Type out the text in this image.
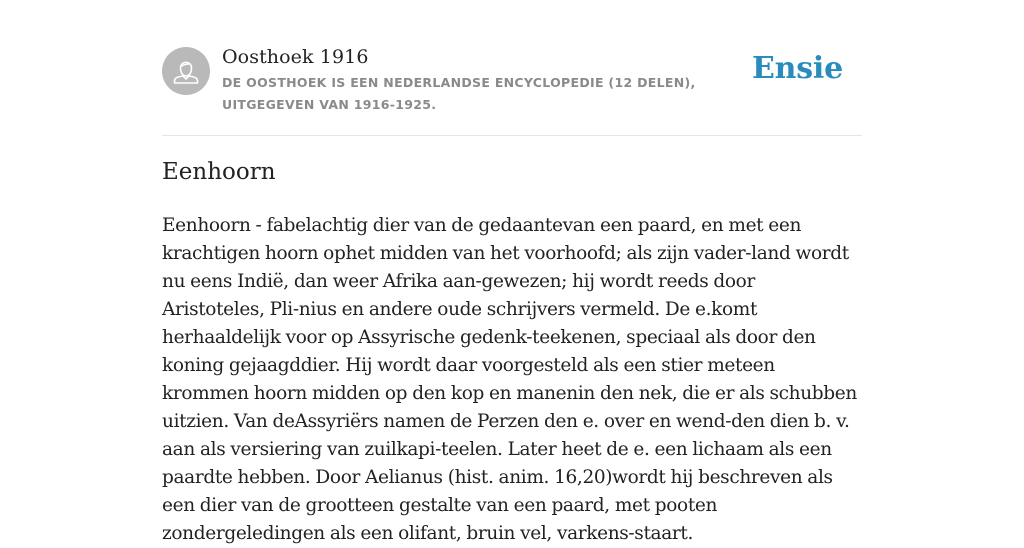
Oosthoek 1916
DE OOSTHOEK IS EEN NEDERLANDSE ENCYCLOPEDIE (12 DELEN), UITGEGEVEN VAN 1916-1925.
Ensie
Eenhoorn

Eenhoorn - fabelachtig dier van de gedaantevan een paard, en met een krachtigen hoorn ophet midden van het voorhoofd; als zijn vader-land wordt nu eens Indië, dan weer Afrika aan-gewezen; hij wordt reeds door Aristoteles, Pli-nius en andere oude schrijvers vermeld. De e.komt herhaaldelijk voor op Assyrische gedenk-teekenen, speciaal als door den koning gejaagddier. Hij wordt daar voorgesteld als een stier meteen krommen hoorn midden op den kop en manenin den nek, die er als schubben uitzien. Van deAssyriërs namen de Perzen den e. over en wend-den dien b. v. aan als versiering van zuilkapi-teelen. Later heet de e. een lichaam als een paardte hebben. Door Aelianus (hist. anim. 16,20)wordt hij beschreven als een dier van de grootteen gestalte van een paard, met pooten zondergeledingen als een olifant, bruin vel, varkens-staart.
